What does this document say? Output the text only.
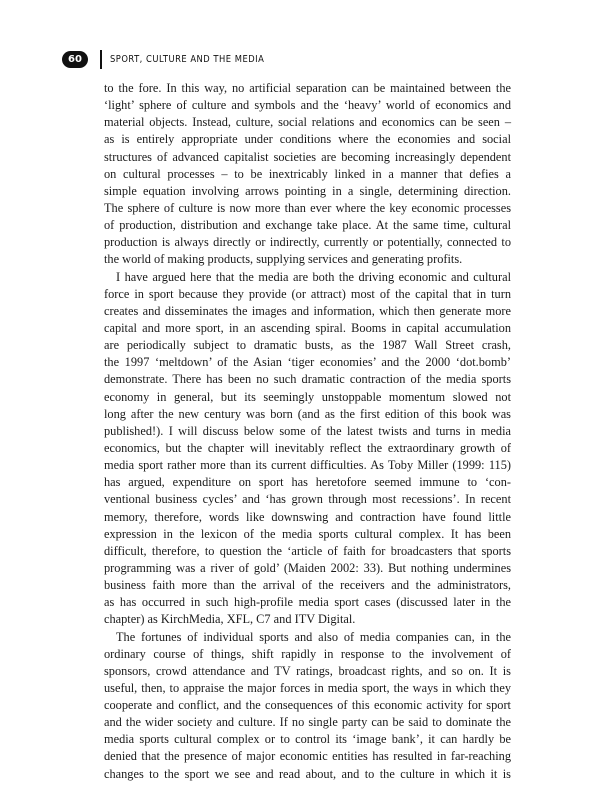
60	SPORT, CULTURE AND THE MEDIA
to the fore. In this way, no artificial separation can be maintained between the
‘light’ sphere of culture and symbols and the ‘heavy’ world of economics and
material objects. Instead, culture, social relations and economics can be seen –
as is entirely appropriate under conditions where the economies and social
structures of advanced capitalist societies are becoming increasingly dependent
on cultural processes – to be inextricably linked in a manner that defies a
simple equation involving arrows pointing in a single, determining direction.
The sphere of culture is now more than ever where the key economic processes
of production, distribution and exchange take place. At the same time, cultural
production is always directly or indirectly, currently or potentially, connected to
the world of making products, supplying services and generating profits.
I have argued here that the media are both the driving economic and cultural
force in sport because they provide (or attract) most of the capital that in turn
creates and disseminates the images and information, which then generate more
capital and more sport, in an ascending spiral. Booms in capital accumulation
are periodically subject to dramatic busts, as the 1987 Wall Street crash,
the 1997 ‘meltdown’ of the Asian ‘tiger economies’ and the 2000 ‘dot.bomb’
demonstrate. There has been no such dramatic contraction of the media sports
economy in general, but its seemingly unstoppable momentum slowed not
long after the new century was born (and as the first edition of this book was
published!). I will discuss below some of the latest twists and turns in media
economics, but the chapter will inevitably reflect the extraordinary growth of
media sport rather more than its current difficulties. As Toby Miller (1999: 115)
has argued, expenditure on sport has heretofore seemed immune to ‘con-
ventional business cycles’ and ‘has grown through most recessions’. In recent
memory, therefore, words like downswing and contraction have found little
expression in the lexicon of the media sports cultural complex. It has been
difficult, therefore, to question the ‘article of faith for broadcasters that sports
programming was a river of gold’ (Maiden 2002: 33). But nothing undermines
business faith more than the arrival of the receivers and the administrators,
as has occurred in such high-profile media sport cases (discussed later in the
chapter) as KirchMedia, XFL, C7 and ITV Digital.
The fortunes of individual sports and also of media companies can, in the
ordinary course of things, shift rapidly in response to the involvement of
sponsors, crowd attendance and TV ratings, broadcast rights, and so on. It is
useful, then, to appraise the major forces in media sport, the ways in which they
cooperate and conflict, and the consequences of this economic activity for sport
and the wider society and culture. If no single party can be said to dominate the
media sports cultural complex or to control its ‘image bank’, it can hardly be
denied that the presence of major economic entities has resulted in far-reaching
changes to the sport we see and read about, and to the culture in which it is
